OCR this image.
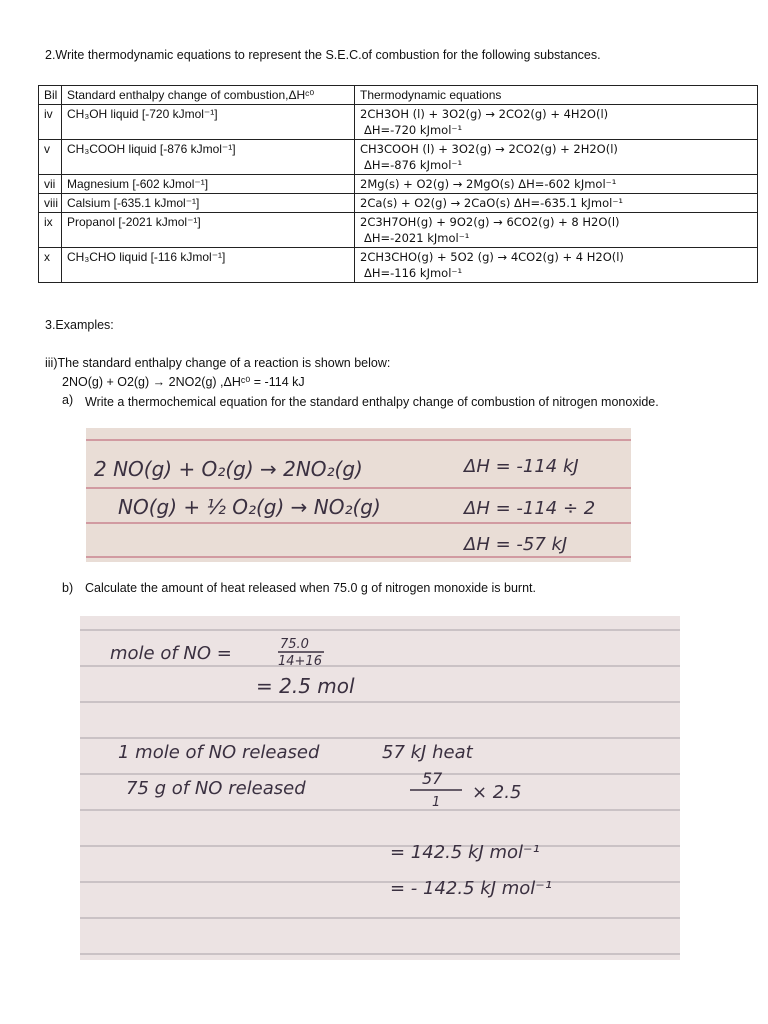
2.Write thermodynamic equations to represent the S.E.C.of combustion for the following substances.
Bil	Standard enthalpy change of combustion,ΔHᶜ⁰	Thermodynamic equations
iv	CH₃OH liquid [-720 kJmol⁻¹]	2CH3OH (l) + 3O2(g) → 2CO2(g) + 4H2O(l)
ΔH=-720 kJmol⁻¹

v	CH₃COOH liquid [-876 kJmol⁻¹]	CH3COOH (l) + 3O2(g) → 2CO2(g) + 2H2O(l)
ΔH=-876 kJmol⁻¹

vii	Magnesium [-602 kJmol⁻¹]	2Mg(s) + O2(g) → 2MgO(s) ΔH=-602 kJmol⁻¹

viii	Calsium [-635.1 kJmol⁻¹]	2Ca(s) + O2(g) → 2CaO(s) ΔH=-635.1 kJmol⁻¹

ix	Propanol [-2021 kJmol⁻¹]	2C3H7OH(g) + 9O2(g) → 6CO2(g) + 8 H2O(l)
ΔH=-2021 kJmol⁻¹

x	CH₃CHO liquid [-116 kJmol⁻¹]	2CH3CHO(g) + 5O2 (g) → 4CO2(g) + 4 H2O(l)
ΔH=-116 kJmol⁻¹
3.Examples:
iii)The standard enthalpy change of a reaction is shown below:
2NO(g) + O2(g) → 2NO2(g) ,ΔHᶜ⁰ = -114 kJ
a) Write a thermochemical equation for the standard enthalpy change of combustion of nitrogen monoxide.
2 NO(g) + O₂(g) → 2NO₂(g)	ΔH = -114 kJ
NO(g) + ½ O₂(g) → NO₂(g)	ΔH = -114 ÷ 2
ΔH = -57 kJ
b) Calculate the amount of heat released when 75.0 g of nitrogen monoxide is burnt.
mole of NO =	75.0
14+16
= 2.5 mol
1 mole of NO released	57 kJ heat
75 g of NO released	57
1 × 2.5
= 142.5 kJ mol⁻¹
= - 142.5 kJ mol⁻¹
